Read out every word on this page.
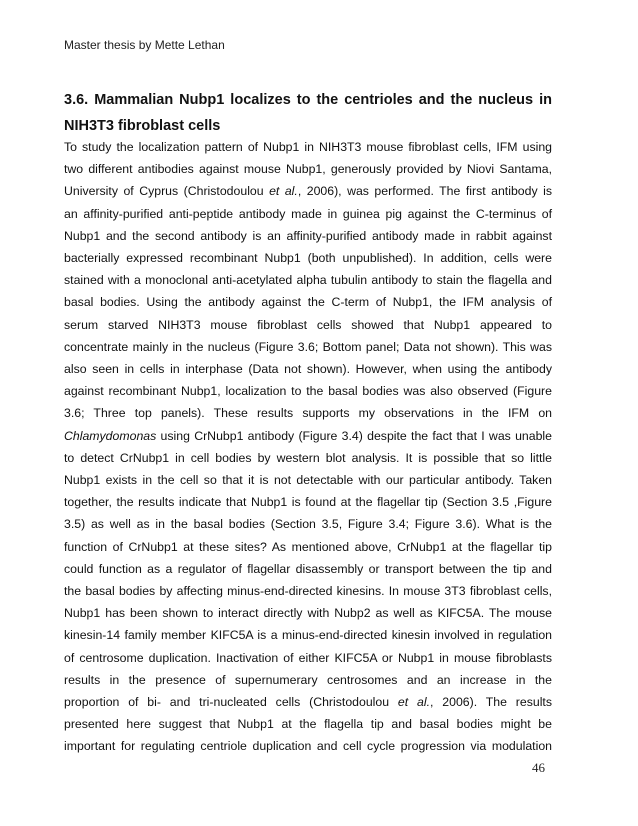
Master thesis by Mette Lethan
3.6. Mammalian Nubp1 localizes to the centrioles and the nucleus in
NIH3T3 fibroblast cells
To study the localization pattern of Nubp1 in NIH3T3 mouse fibroblast cells, IFM using
two different antibodies against mouse Nubp1, generously provided by Niovi Santama,
University of Cyprus (Christodoulou et al., 2006), was performed. The first antibody is
an affinity-purified anti-peptide antibody made in guinea pig against the C-terminus of
Nubp1 and the second antibody is an affinity-purified antibody made in rabbit against
bacterially expressed recombinant Nubp1 (both unpublished). In addition, cells were
stained with a monoclonal anti-acetylated alpha tubulin antibody to stain the flagella and
basal bodies. Using the antibody against the C-term of Nubp1, the IFM analysis of
serum starved NIH3T3 mouse fibroblast cells showed that Nubp1 appeared to
concentrate mainly in the nucleus (Figure 3.6; Bottom panel; Data not shown). This was
also seen in cells in interphase (Data not shown). However, when using the antibody
against recombinant Nubp1, localization to the basal bodies was also observed (Figure
3.6; Three top panels). These results supports my observations in the IFM on
Chlamydomonas using CrNubp1 antibody (Figure 3.4) despite the fact that I was unable
to detect CrNubp1 in cell bodies by western blot analysis. It is possible that so little
Nubp1 exists in the cell so that it is not detectable with our particular antibody. Taken
together, the results indicate that Nubp1 is found at the flagellar tip (Section 3.5 ,Figure
3.5) as well as in the basal bodies (Section 3.5, Figure 3.4; Figure 3.6). What is the
function of CrNubp1 at these sites? As mentioned above, CrNubp1 at the flagellar tip
could function as a regulator of flagellar disassembly or transport between the tip and
the basal bodies by affecting minus-end-directed kinesins. In mouse 3T3 fibroblast cells,
Nubp1 has been shown to interact directly with Nubp2 as well as KIFC5A. The mouse
kinesin-14 family member KIFC5A is a minus-end-directed kinesin involved in regulation
of centrosome duplication. Inactivation of either KIFC5A or Nubp1 in mouse fibroblasts
results in the presence of supernumerary centrosomes and an increase in the
proportion of bi- and tri-nucleated cells (Christodoulou et al., 2006). The results
presented here suggest that Nubp1 at the flagella tip and basal bodies might be
important for regulating centriole duplication and cell cycle progression via modulation
46
